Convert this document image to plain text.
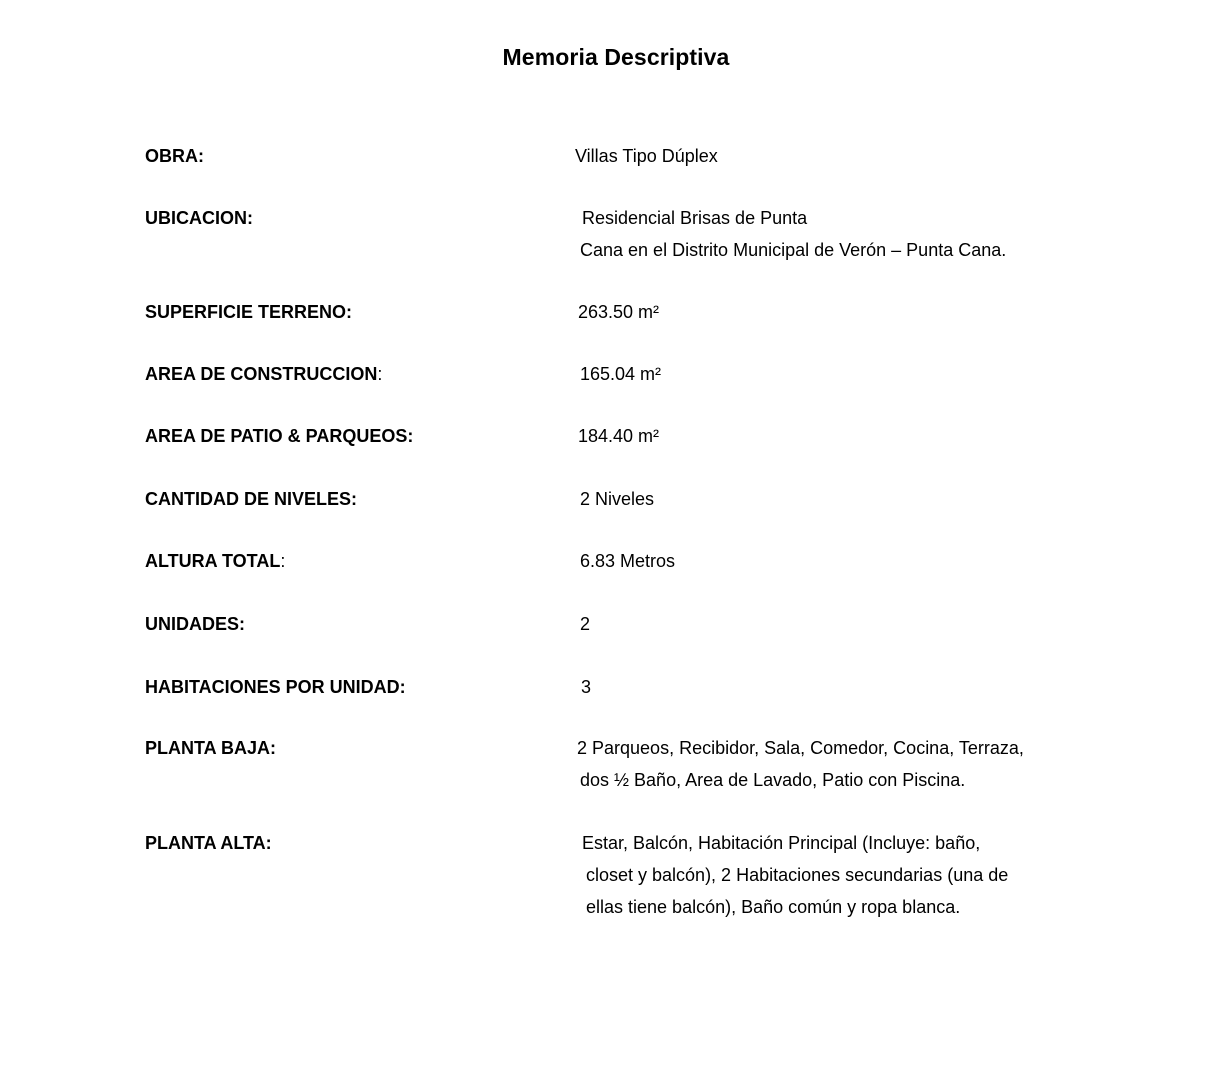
Memoria Descriptiva
OBRA:	Villas Tipo Dúplex
UBICACION:	Residencial Brisas de Punta
Cana en el Distrito Municipal de Verón – Punta Cana.
SUPERFICIE TERRENO:	263.50 m²
AREA DE CONSTRUCCION:	165.04 m²
AREA DE PATIO & PARQUEOS:	184.40 m²
CANTIDAD DE NIVELES:	2 Niveles
ALTURA TOTAL:	6.83 Metros
UNIDADES:	2
HABITACIONES POR UNIDAD:	3
PLANTA BAJA:	2 Parqueos, Recibidor, Sala, Comedor, Cocina, Terraza,
dos ½ Baño, Area de Lavado, Patio con Piscina.
PLANTA ALTA:	Estar, Balcón, Habitación Principal (Incluye: baño,
closet y balcón), 2 Habitaciones secundarias (una de
ellas tiene balcón), Baño común y ropa blanca.
